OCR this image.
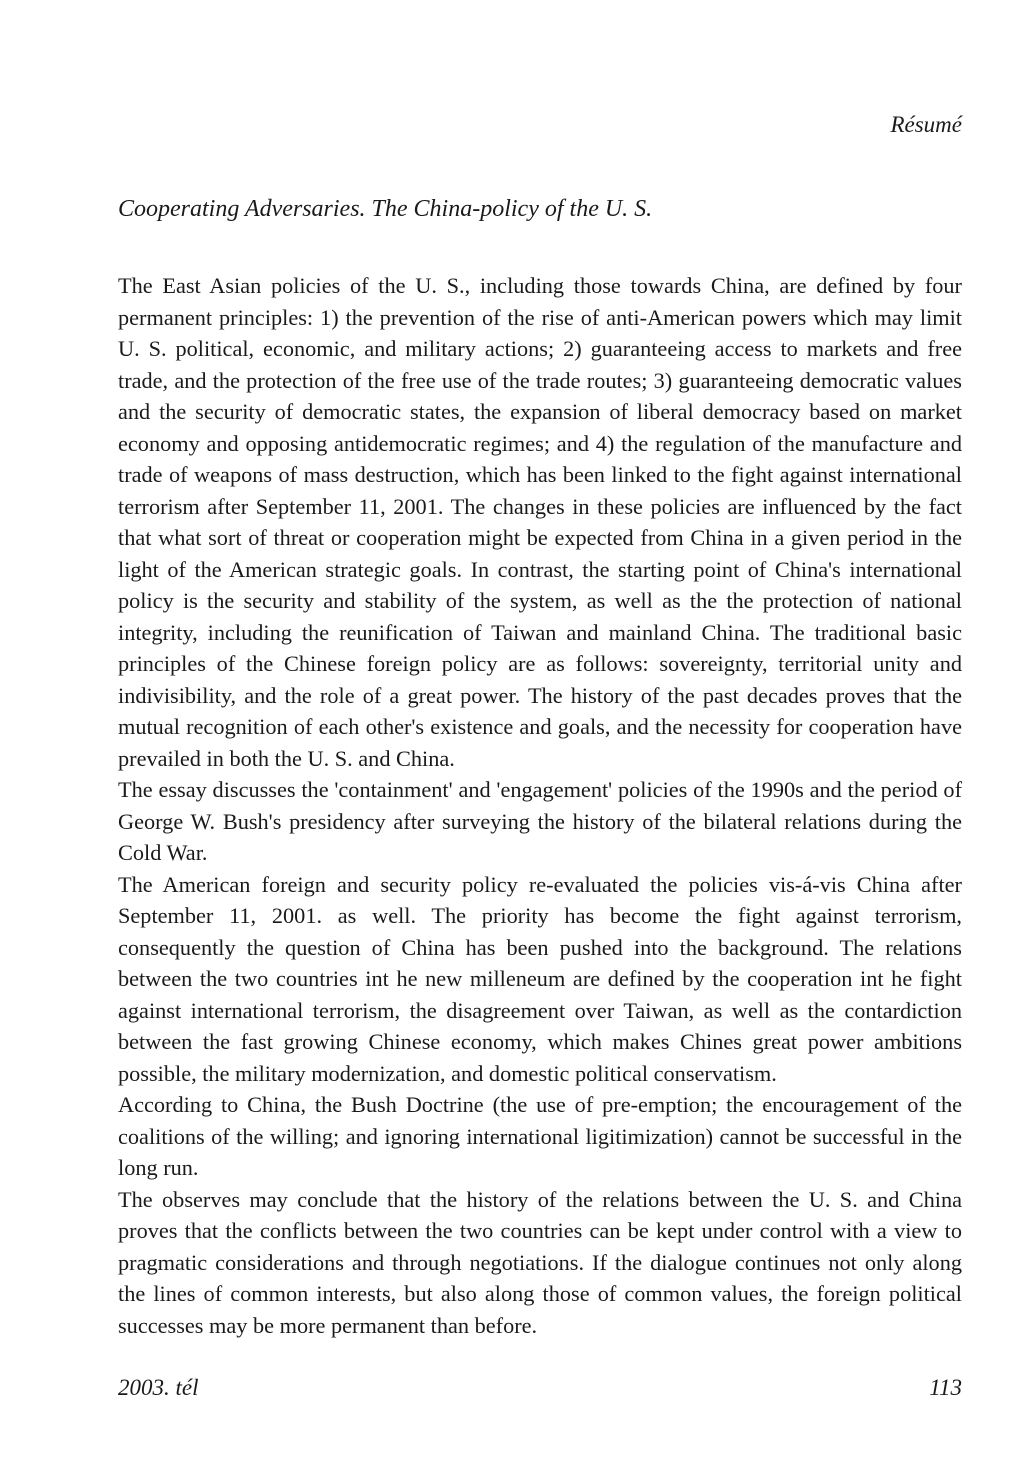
Résumé
Cooperating Adversaries. The China-policy of the U. S.

The East Asian policies of the U. S., including those towards China, are defined by four permanent principles: 1) the prevention of the rise of anti-American powers which may limit U. S. political, economic, and military actions; 2) guaranteeing access to markets and free trade, and the protection of the free use of the trade routes; 3) guaranteeing democratic values and the security of democratic states, the expansion of liberal democracy based on market economy and opposing antidemocratic regimes; and 4) the regulation of the manufacture and trade of weapons of mass destruction, which has been linked to the fight against international terrorism after September 11, 2001. The changes in these policies are influenced by the fact that what sort of threat or cooperation might be expected from China in a given period in the light of the American strategic goals. In contrast, the starting point of China's international policy is the security and stability of the system, as well as the the protection of national integrity, including the reunification of Taiwan and mainland China. The traditional basic principles of the Chinese foreign policy are as follows: sovereignty, territorial unity and indivisibility, and the role of a great power. The history of the past decades proves that the mutual recognition of each other's existence and goals, and the necessity for cooperation have prevailed in both the U. S. and China.

The essay discusses the 'containment' and 'engagement' policies of the 1990s and the period of George W. Bush's presidency after surveying the history of the bilateral relations during the Cold War.

The American foreign and security policy re-evaluated the policies vis-á-vis China after September 11, 2001. as well. The priority has become the fight against terrorism, consequently the question of China has been pushed into the background. The relations between the two countries int he new milleneum are defined by the cooperation int he fight against international terrorism, the disagreement over Taiwan, as well as the contardiction between the fast growing Chinese economy, which makes Chines great power ambitions possible, the military modernization, and domestic political conservatism.

According to China, the Bush Doctrine (the use of pre-emption; the encouragement of the coalitions of the willing; and ignoring international ligitimization) cannot be successful in the long run.

The observes may conclude that the history of the relations between the U. S. and China proves that the conflicts between the two countries can be kept under control with a view to pragmatic considerations and through negotiations. If the dialogue continues not only along the lines of common interests, but also along those of common values, the foreign political successes may be more permanent than before.

2003. tél	113
